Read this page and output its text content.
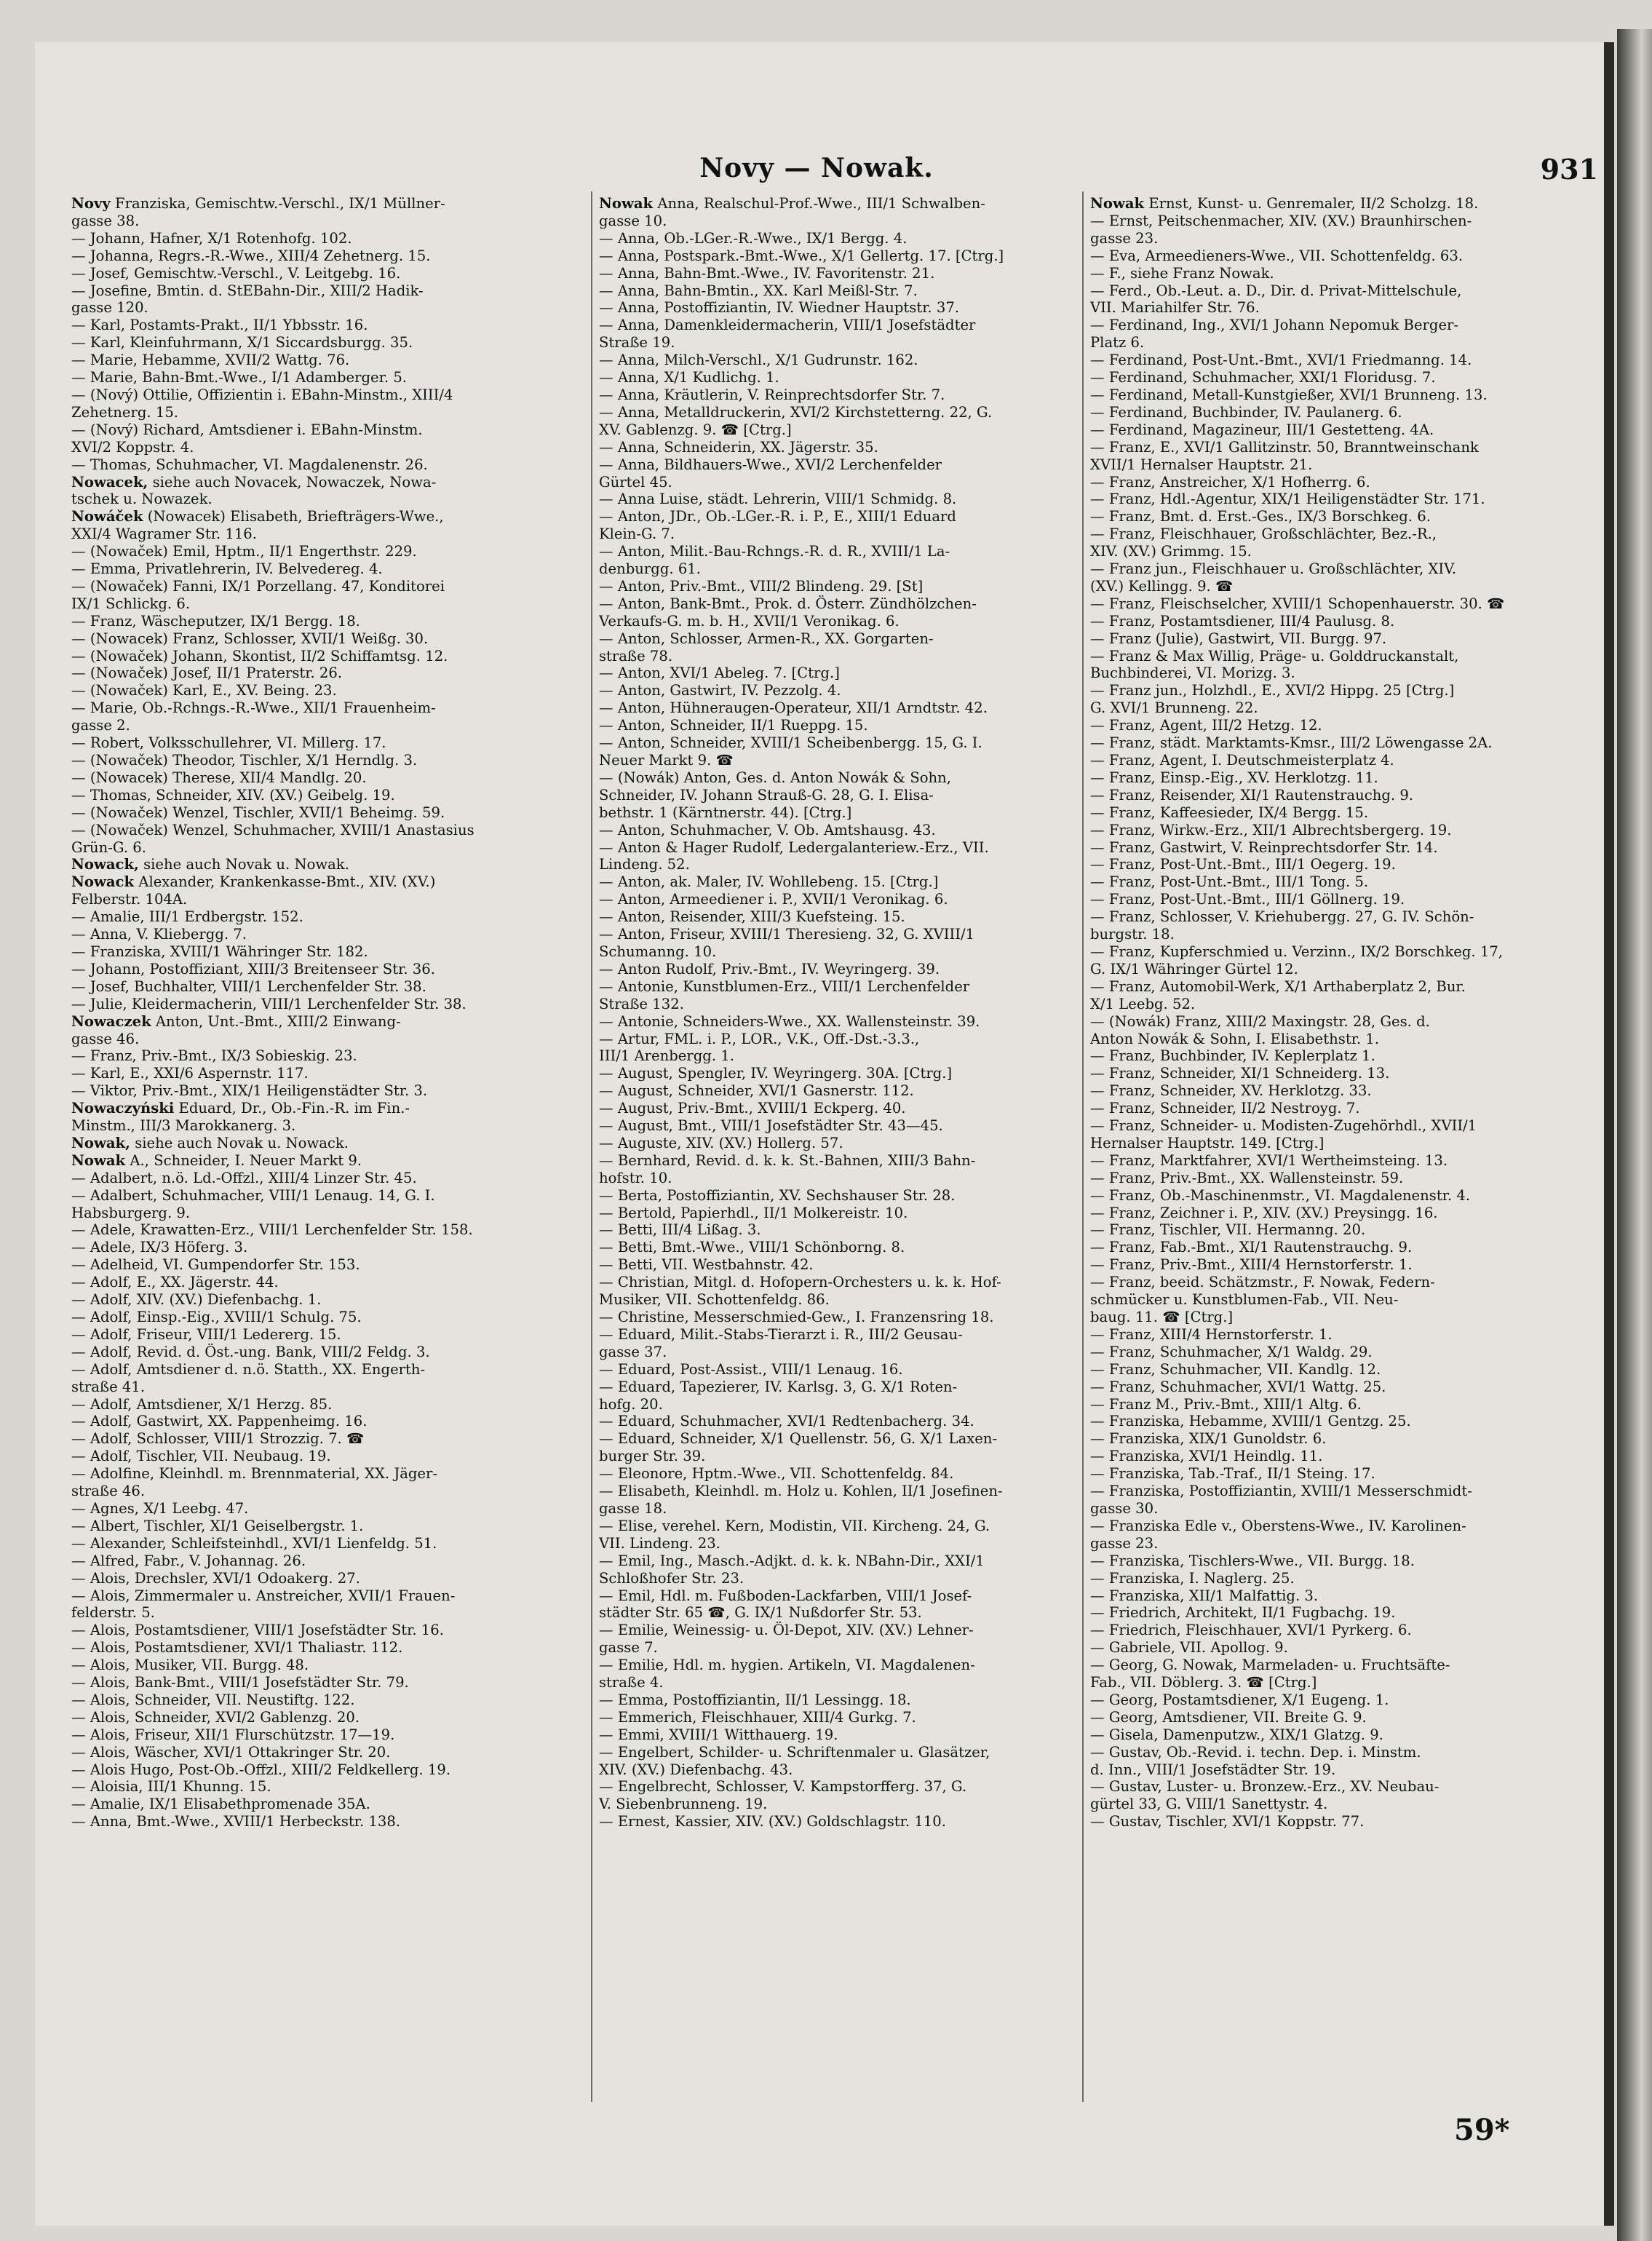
Novy — Nowak.	931
Novy Franziska, Gemischtw.-Verschl., IX/1 Müllner-
gasse 38.
— Johann, Hafner, X/1 Rotenhofg. 102.
— Johanna, Regrs.-R.-Wwe., XIII/4 Zehetnerg. 15.
— Josef, Gemischtw.-Verschl., V. Leitgebg. 16.
— Josefine, Bmtin. d. StEBahn-Dir., XIII/2 Hadik-
gasse 120.
— Karl, Postamts-Prakt., II/1 Ybbsstr. 16.
— Karl, Kleinfuhrmann, X/1 Siccardsburgg. 35.
— Marie, Hebamme, XVII/2 Wattg. 76.
— Marie, Bahn-Bmt.-Wwe., I/1 Adamberger. 5.
— (Nový) Ottilie, Offizientin i. EBahn-Minstm., XIII/4
Zehetnerg. 15.
— (Nový) Richard, Amtsdiener i. EBahn-Minstm.
XVI/2 Koppstr. 4.
— Thomas, Schuhmacher, VI. Magdalenenstr. 26.
Nowacek, siehe auch Novacek, Nowaczek, Nowa-
tschek u. Nowazek.
Nowáček (Nowacek) Elisabeth, Briefträgers-Wwe.,
XXI/4 Wagramer Str. 116.
— (Nowaček) Emil, Hptm., II/1 Engerthstr. 229.
— Emma, Privatlehrerin, IV. Belvedereg. 4.
— (Nowaček) Fanni, IX/1 Porzellang. 47, Konditorei
IX/1 Schlickg. 6.
— Franz, Wäscheputzer, IX/1 Bergg. 18.
— (Nowacek) Franz, Schlosser, XVII/1 Weißg. 30.
— (Nowaček) Johann, Skontist, II/2 Schiffamtsg. 12.
— (Nowaček) Josef, II/1 Praterstr. 26.
— (Nowaček) Karl, E., XV. Being. 23.
— Marie, Ob.-Rchngs.-R.-Wwe., XII/1 Frauenheim-
gasse 2.
— Robert, Volksschullehrer, VI. Millerg. 17.
— (Nowaček) Theodor, Tischler, X/1 Herndlg. 3.
— (Nowacek) Therese, XII/4 Mandlg. 20.
— Thomas, Schneider, XIV. (XV.) Geibelg. 19.
— (Nowaček) Wenzel, Tischler, XVII/1 Beheimg. 59.
— (Nowaček) Wenzel, Schuhmacher, XVIII/1 Anastasius
Grün-G. 6.
Nowack, siehe auch Novak u. Nowak.
Nowack Alexander, Krankenkasse-Bmt., XIV. (XV.)
Felberstr. 104A.
— Amalie, III/1 Erdbergstr. 152.
— Anna, V. Kliebergg. 7.
— Franziska, XVIII/1 Währinger Str. 182.
— Johann, Postoffiziant, XIII/3 Breitenseer Str. 36.
— Josef, Buchhalter, VIII/1 Lerchenfelder Str. 38.
— Julie, Kleidermacherin, VIII/1 Lerchenfelder Str. 38.
Nowaczek Anton, Unt.-Bmt., XIII/2 Einwang-
gasse 46.
— Franz, Priv.-Bmt., IX/3 Sobieskig. 23.
— Karl, E., XXI/6 Aspernstr. 117.
— Viktor, Priv.-Bmt., XIX/1 Heiligenstädter Str. 3.
Nowaczyński Eduard, Dr., Ob.-Fin.-R. im Fin.-
Minstm., III/3 Marokkanerg. 3.
Nowak, siehe auch Novak u. Nowack.
Nowak A., Schneider, I. Neuer Markt 9.
— Adalbert, n.ö. Ld.-Offzl., XIII/4 Linzer Str. 45.
— Adalbert, Schuhmacher, VIII/1 Lenaug. 14, G. I.
Habsburgerg. 9.
— Adele, Krawatten-Erz., VIII/1 Lerchenfelder Str. 158.
— Adele, IX/3 Höferg. 3.
— Adelheid, VI. Gumpendorfer Str. 153.
— Adolf, E., XX. Jägerstr. 44.
— Adolf, XIV. (XV.) Diefenbachg. 1.
— Adolf, Einsp.-Eig., XVIII/1 Schulg. 75.
— Adolf, Friseur, VIII/1 Ledererg. 15.
— Adolf, Revid. d. Öst.-ung. Bank, VIII/2 Feldg. 3.
— Adolf, Amtsdiener d. n.ö. Statth., XX. Engerth-
straße 41.
— Adolf, Amtsdiener, X/1 Herzg. 85.
— Adolf, Gastwirt, XX. Pappenheimg. 16.
— Adolf, Schlosser, VIII/1 Strozzig. 7. ☎
— Adolf, Tischler, VII. Neubaug. 19.
— Adolfine, Kleinhdl. m. Brennmaterial, XX. Jäger-
straße 46.
— Agnes, X/1 Leebg. 47.
— Albert, Tischler, XI/1 Geiselbergstr. 1.
— Alexander, Schleifsteinhdl., XVI/1 Lienfeldg. 51.
— Alfred, Fabr., V. Johannag. 26.
— Alois, Drechsler, XVI/1 Odoakerg. 27.
— Alois, Zimmermaler u. Anstreicher, XVII/1 Frauen-
felderstr. 5.
— Alois, Postamtsdiener, VIII/1 Josefstädter Str. 16.
— Alois, Postamtsdiener, XVI/1 Thaliastr. 112.
— Alois, Musiker, VII. Burgg. 48.
— Alois, Bank-Bmt., VIII/1 Josefstädter Str. 79.
— Alois, Schneider, VII. Neustiftg. 122.
— Alois, Schneider, XVI/2 Gablenzg. 20.
— Alois, Friseur, XII/1 Flurschützstr. 17—19.
— Alois, Wäscher, XVI/1 Ottakringer Str. 20.
— Alois Hugo, Post-Ob.-Offzl., XIII/2 Feldkellerg. 19.
— Aloisia, III/1 Khunng. 15.
— Amalie, IX/1 Elisabethpromenade 35A.
— Anna, Bmt.-Wwe., XVIII/1 Herbeckstr. 138.
Nowak Anna, Realschul-Prof.-Wwe., III/1 Schwalben-
gasse 10.
— Anna, Ob.-LGer.-R.-Wwe., IX/1 Bergg. 4.
— Anna, Postspark.-Bmt.-Wwe., X/1 Gellertg. 17. [Ctrg.]
— Anna, Bahn-Bmt.-Wwe., IV. Favoritenstr. 21.
— Anna, Bahn-Bmtin., XX. Karl Meißl-Str. 7.
— Anna, Postoffiziantin, IV. Wiedner Hauptstr. 37.
— Anna, Damenkleidermacherin, VIII/1 Josefstädter
Straße 19.
— Anna, Milch-Verschl., X/1 Gudrunstr. 162.
— Anna, X/1 Kudlichg. 1.
— Anna, Kräutlerin, V. Reinprechtsdorfer Str. 7.
— Anna, Metalldruckerin, XVI/2 Kirchstetterng. 22, G.
XV. Gablenzg. 9. ☎ [Ctrg.]
— Anna, Schneiderin, XX. Jägerstr. 35.
— Anna, Bildhauers-Wwe., XVI/2 Lerchenfelder
Gürtel 45.
— Anna Luise, städt. Lehrerin, VIII/1 Schmidg. 8.
— Anton, JDr., Ob.-LGer.-R. i. P., E., XIII/1 Eduard
Klein-G. 7.
— Anton, Milit.-Bau-Rchngs.-R. d. R., XVIII/1 La-
denburgg. 61.
— Anton, Priv.-Bmt., VIII/2 Blindeng. 29. [St]
— Anton, Bank-Bmt., Prok. d. Österr. Zündhölzchen-
Verkaufs-G. m. b. H., XVII/1 Veronikag. 6.
— Anton, Schlosser, Armen-R., XX. Gorgarten-
straße 78.
— Anton, XVI/1 Abeleg. 7. [Ctrg.]
— Anton, Gastwirt, IV. Pezzolg. 4.
— Anton, Hühneraugen-Operateur, XII/1 Arndtstr. 42.
— Anton, Schneider, II/1 Rueppg. 15.
— Anton, Schneider, XVIII/1 Scheibenbergg. 15, G. I.
Neuer Markt 9. ☎
— (Nowák) Anton, Ges. d. Anton Nowák & Sohn,
Schneider, IV. Johann Strauß-G. 28, G. I. Elisa-
bethstr. 1 (Kärntnerstr. 44). [Ctrg.]
— Anton, Schuhmacher, V. Ob. Amtshausg. 43.
— Anton & Hager Rudolf, Ledergalanteriew.-Erz., VII.
Lindeng. 52.
— Anton, ak. Maler, IV. Wohllebeng. 15. [Ctrg.]
— Anton, Armeediener i. P., XVII/1 Veronikag. 6.
— Anton, Reisender, XIII/3 Kuefsteing. 15.
— Anton, Friseur, XVIII/1 Theresieng. 32, G. XVIII/1
Schumanng. 10.
— Anton Rudolf, Priv.-Bmt., IV. Weyringerg. 39.
— Antonie, Kunstblumen-Erz., VIII/1 Lerchenfelder
Straße 132.
— Antonie, Schneiders-Wwe., XX. Wallensteinstr. 39.
— Artur, FML. i. P., LOR., V.K., Off.-Dst.-3.3.,
III/1 Arenbergg. 1.
— August, Spengler, IV. Weyringerg. 30A. [Ctrg.]
— August, Schneider, XVI/1 Gasnerstr. 112.
— August, Priv.-Bmt., XVIII/1 Eckperg. 40.
— August, Bmt., VIII/1 Josefstädter Str. 43—45.
— Auguste, XIV. (XV.) Hollerg. 57.
— Bernhard, Revid. d. k. k. St.-Bahnen, XIII/3 Bahn-
hofstr. 10.
— Berta, Postoffiziantin, XV. Sechshauser Str. 28.
— Bertold, Papierhdl., II/1 Molkereistr. 10.
— Betti, III/4 Lißag. 3.
— Betti, Bmt.-Wwe., VIII/1 Schönborng. 8.
— Betti, VII. Westbahnstr. 42.
— Christian, Mitgl. d. Hofopern-Orchesters u. k. k. Hof-
Musiker, VII. Schottenfeldg. 86.
— Christine, Messerschmied-Gew., I. Franzensring 18.
— Eduard, Milit.-Stabs-Tierarzt i. R., III/2 Geusau-
gasse 37.
— Eduard, Post-Assist., VIII/1 Lenaug. 16.
— Eduard, Tapezierer, IV. Karlsg. 3, G. X/1 Roten-
hofg. 20.
— Eduard, Schuhmacher, XVI/1 Redtenbacherg. 34.
— Eduard, Schneider, X/1 Quellenstr. 56, G. X/1 Laxen-
burger Str. 39.
— Eleonore, Hptm.-Wwe., VII. Schottenfeldg. 84.
— Elisabeth, Kleinhdl. m. Holz u. Kohlen, II/1 Josefinen-
gasse 18.
— Elise, verehel. Kern, Modistin, VII. Kircheng. 24, G.
VII. Lindeng. 23.
— Emil, Ing., Masch.-Adjkt. d. k. k. NBahn-Dir., XXI/1
Schloßhofer Str. 23.
— Emil, Hdl. m. Fußboden-Lackfarben, VIII/1 Josef-
städter Str. 65 ☎, G. IX/1 Nußdorfer Str. 53.
— Emilie, Weinessig- u. Öl-Depot, XIV. (XV.) Lehner-
gasse 7.
— Emilie, Hdl. m. hygien. Artikeln, VI. Magdalenen-
straße 4.
— Emma, Postoffiziantin, II/1 Lessingg. 18.
— Emmerich, Fleischhauer, XIII/4 Gurkg. 7.
— Emmi, XVIII/1 Witthauerg. 19.
— Engelbert, Schilder- u. Schriftenmaler u. Glasätzer,
XIV. (XV.) Diefenbachg. 43.
— Engelbrecht, Schlosser, V. Kampstorfferg. 37, G.
V. Siebenbrunneng. 19.
— Ernest, Kassier, XIV. (XV.) Goldschlagstr. 110.
Nowak Ernst, Kunst- u. Genremaler, II/2 Scholzg. 18.
— Ernst, Peitschenmacher, XIV. (XV.) Braunhirschen-
gasse 23.
— Eva, Armeedieners-Wwe., VII. Schottenfeldg. 63.
— F., siehe Franz Nowak.
— Ferd., Ob.-Leut. a. D., Dir. d. Privat-Mittelschule,
VII. Mariahilfer Str. 76.
— Ferdinand, Ing., XVI/1 Johann Nepomuk Berger-
Platz 6.
— Ferdinand, Post-Unt.-Bmt., XVI/1 Friedmanng. 14.
— Ferdinand, Schuhmacher, XXI/1 Floridusg. 7.
— Ferdinand, Metall-Kunstgießer, XVI/1 Brunneng. 13.
— Ferdinand, Buchbinder, IV. Paulanerg. 6.
— Ferdinand, Magazineur, III/1 Gestetteng. 4A.
— Franz, E., XVI/1 Gallitzinstr. 50, Branntweinschank
XVII/1 Hernalser Hauptstr. 21.
— Franz, Anstreicher, X/1 Hofherrg. 6.
— Franz, Hdl.-Agentur, XIX/1 Heiligenstädter Str. 171.
— Franz, Bmt. d. Erst.-Ges., IX/3 Borschkeg. 6.
— Franz, Fleischhauer, Großschlächter, Bez.-R.,
XIV. (XV.) Grimmg. 15.
— Franz jun., Fleischhauer u. Großschlächter, XIV.
(XV.) Kellingg. 9. ☎
— Franz, Fleischselcher, XVIII/1 Schopenhauerstr. 30. ☎
— Franz, Postamtsdiener, III/4 Paulusg. 8.
— Franz (Julie), Gastwirt, VII. Burgg. 97.
— Franz & Max Willig, Präge- u. Golddruckanstalt,
Buchbinderei, VI. Morizg. 3.
— Franz jun., Holzhdl., E., XVI/2 Hippg. 25 [Ctrg.]
G. XVI/1 Brunneng. 22.
— Franz, Agent, III/2 Hetzg. 12.
— Franz, städt. Marktamts-Kmsr., III/2 Löwengasse 2A.
— Franz, Agent, I. Deutschmeisterplatz 4.
— Franz, Einsp.-Eig., XV. Herklotzg. 11.
— Franz, Reisender, XI/1 Rautenstrauchg. 9.
— Franz, Kaffeesieder, IX/4 Bergg. 15.
— Franz, Wirkw.-Erz., XII/1 Albrechtsbergerg. 19.
— Franz, Gastwirt, V. Reinprechtsdorfer Str. 14.
— Franz, Post-Unt.-Bmt., III/1 Oegerg. 19.
— Franz, Post-Unt.-Bmt., III/1 Tong. 5.
— Franz, Post-Unt.-Bmt., III/1 Göllnerg. 19.
— Franz, Schlosser, V. Kriehubergg. 27, G. IV. Schön-
burgstr. 18.
— Franz, Kupferschmied u. Verzinn., IX/2 Borschkeg. 17,
G. IX/1 Währinger Gürtel 12.
— Franz, Automobil-Werk, X/1 Arthaberplatz 2, Bur.
X/1 Leebg. 52.
— (Nowák) Franz, XIII/2 Maxingstr. 28, Ges. d.
Anton Nowák & Sohn, I. Elisabethstr. 1.
— Franz, Buchbinder, IV. Keplerplatz 1.
— Franz, Schneider, XI/1 Schneiderg. 13.
— Franz, Schneider, XV. Herklotzg. 33.
— Franz, Schneider, II/2 Nestroyg. 7.
— Franz, Schneider- u. Modisten-Zugehörhdl., XVII/1
Hernalser Hauptstr. 149. [Ctrg.]
— Franz, Marktfahrer, XVI/1 Wertheimsteing. 13.
— Franz, Priv.-Bmt., XX. Wallensteinstr. 59.
— Franz, Ob.-Maschinenmstr., VI. Magdalenenstr. 4.
— Franz, Zeichner i. P., XIV. (XV.) Preysingg. 16.
— Franz, Tischler, VII. Hermanng. 20.
— Franz, Fab.-Bmt., XI/1 Rautenstrauchg. 9.
— Franz, Priv.-Bmt., XIII/4 Hernstorferstr. 1.
— Franz, beeid. Schätzmstr., F. Nowak, Federn-
schmücker u. Kunstblumen-Fab., VII. Neu-
baug. 11. ☎ [Ctrg.]
— Franz, XIII/4 Hernstorferstr. 1.
— Franz, Schuhmacher, X/1 Waldg. 29.
— Franz, Schuhmacher, VII. Kandlg. 12.
— Franz, Schuhmacher, XVI/1 Wattg. 25.
— Franz M., Priv.-Bmt., XIII/1 Altg. 6.
— Franziska, Hebamme, XVIII/1 Gentzg. 25.
— Franziska, XIX/1 Gunoldstr. 6.
— Franziska, XVI/1 Heindlg. 11.
— Franziska, Tab.-Traf., II/1 Steing. 17.
— Franziska, Postoffiziantin, XVIII/1 Messerschmidt-
gasse 30.
— Franziska Edle v., Oberstens-Wwe., IV. Karolinen-
gasse 23.
— Franziska, Tischlers-Wwe., VII. Burgg. 18.
— Franziska, I. Naglerg. 25.
— Franziska, XII/1 Malfattig. 3.
— Friedrich, Architekt, II/1 Fugbachg. 19.
— Friedrich, Fleischhauer, XVI/1 Pyrkerg. 6.
— Gabriele, VII. Apollog. 9.
— Georg, G. Nowak, Marmeladen- u. Fruchtsäfte-
Fab., VII. Döblerg. 3. ☎ [Ctrg.]
— Georg, Postamtsdiener, X/1 Eugeng. 1.
— Georg, Amtsdiener, VII. Breite G. 9.
— Gisela, Damenputzw., XIX/1 Glatzg. 9.
— Gustav, Ob.-Revid. i. techn. Dep. i. Minstm.
d. Inn., VIII/1 Josefstädter Str. 19.
— Gustav, Luster- u. Bronzew.-Erz., XV. Neubau-
gürtel 33, G. VIII/1 Sanettystr. 4.
— Gustav, Tischler, XVI/1 Koppstr. 77.
59*
